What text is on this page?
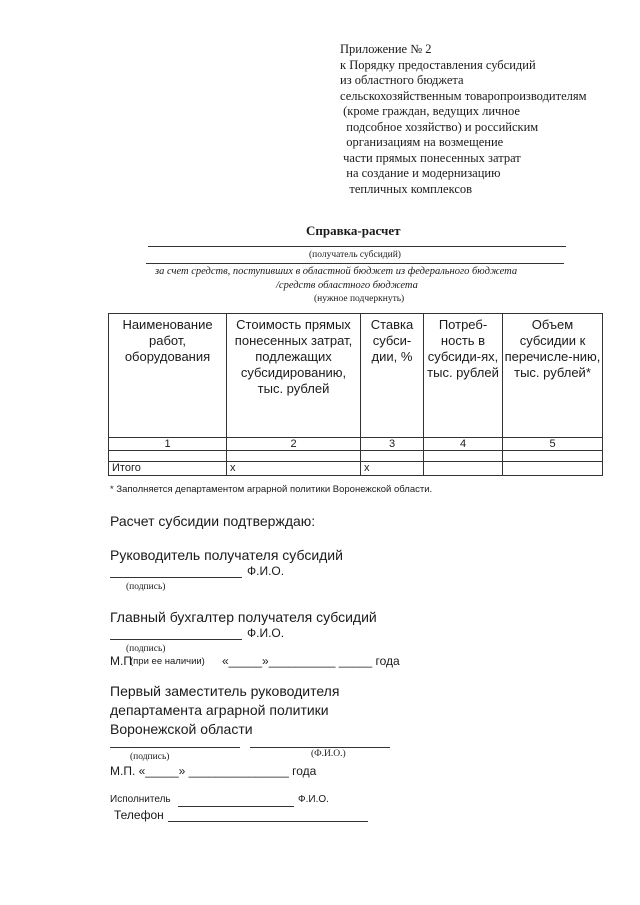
Приложение № 2
к Порядку предоставления субсидий
из областного бюджета
сельскохозяйственным товаропроизводителям
(кроме граждан, ведущих личное
подсобное хозяйство) и российским
организациям на возмещение
части прямых понесенных затрат
на создание и модернизацию
тепличных комплексов
Справка-расчет
(получатель субсидий)
за счет средств, поступивших в областной бюджет из федерального бюджета
/средств областного бюджета
(нужное подчеркнуть)
Наименование работ, оборудования	Стоимость прямых понесенных затрат, подлежащих субсидированию, тыс. рублей	Ставка субси-дии, %	Потреб-ность в субсиди-ях, тыс. рублей	Объем субсидии к перечисле-нию, тыс. рублей*
1	2	3	4	5

Итого	х	х		
* Заполняется департаментом аграрной политики Воронежской области.
Расчет субсидии подтверждаю:
Руководитель получателя субсидий
Ф.И.О.
(подпись)
Главный бухгалтер получателя субсидий
Ф.И.О.
(подпись)
М.П
(при ее наличии) «_____»__________ _____ года
Первый заместитель руководителя
департамента аграрной политики
Воронежской области
(подпись)	(Ф.И.О.)
М.П. «_____» _______________ года
Исполнитель	Ф.И.О.
Телефон
